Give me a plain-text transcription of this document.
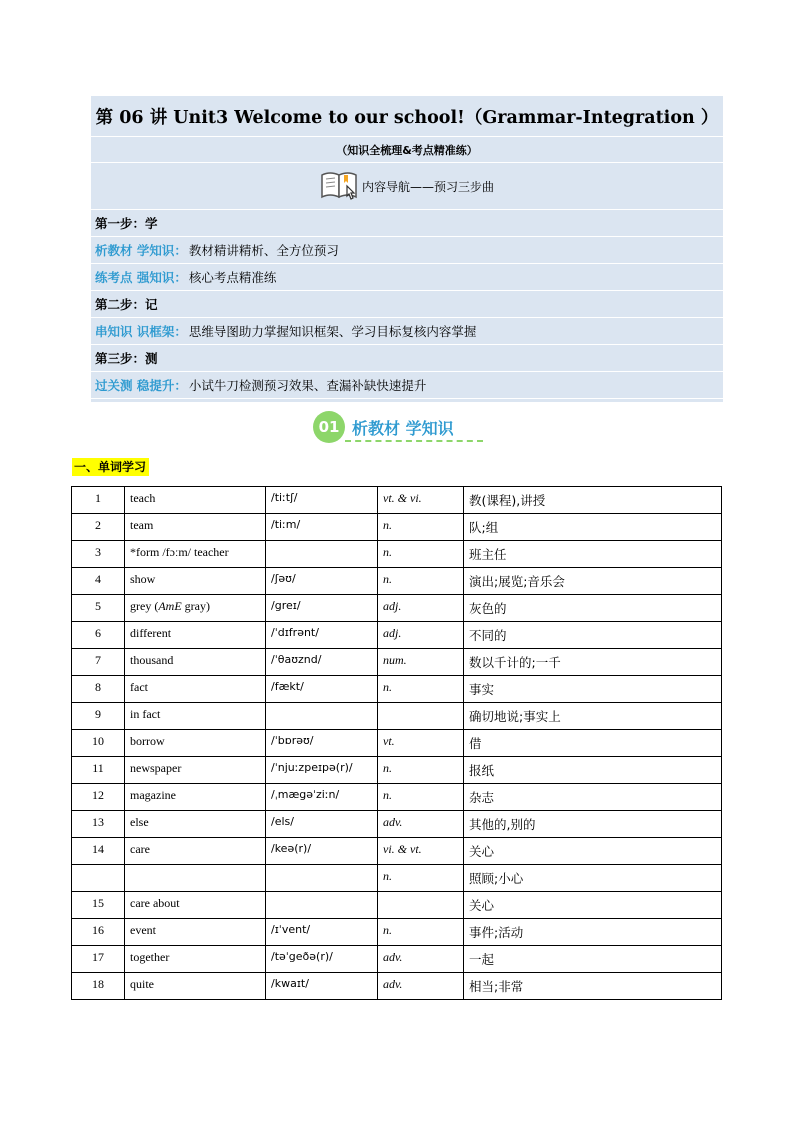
第 06 讲 Unit3 Welcome to our school!（Grammar-Integration ）
（知识全梳理&考点精准练）
内容导航——预习三步曲
第一步：学
析教材 学知识： 教材精讲精析、全方位预习
练考点 强知识： 核心考点精准练
第二步：记
串知识 识框架： 思维导图助力掌握知识框架、学习目标复核内容掌握
第三步：测
过关测 稳提升： 小试牛刀检测预习效果、查漏补缺快速提升
01 析教材 学知识
一、单词学习
1	teach	/tiːtʃ/	vt. & vi.	教(课程),讲授
2	team	/tiːm/	n.	队;组
3	*form /fɔːm/ teacher		n.	班主任
4	show	/ʃəʊ/	n.	演出;展览;音乐会
5	grey (AmE gray)	/greɪ/	adj.	灰色的
6	different	/ˈdɪfrənt/	adj.	不同的
7	thousand	/ˈθaʊznd/	num.	数以千计的;一千
8	fact	/fækt/	n.	事实
9	in fact			确切地说;事实上
10	borrow	/ˈbɒrəʊ/	vt.	借
11	newspaper	/ˈnjuːzpeɪpə(r)/	n.	报纸
12	magazine	/ˌmægəˈziːn/	n.	杂志
13	else	/els/	adv.	其他的,别的
14	care	/keə(r)/	vi. & vt.	关心
			n.	照顾;小心
15	care about			关心
16	event	/ɪˈvent/	n.	事件;活动
17	together	/təˈgeðə(r)/	adv.	一起
18	quite	/kwaɪt/	adv.	相当;非常
